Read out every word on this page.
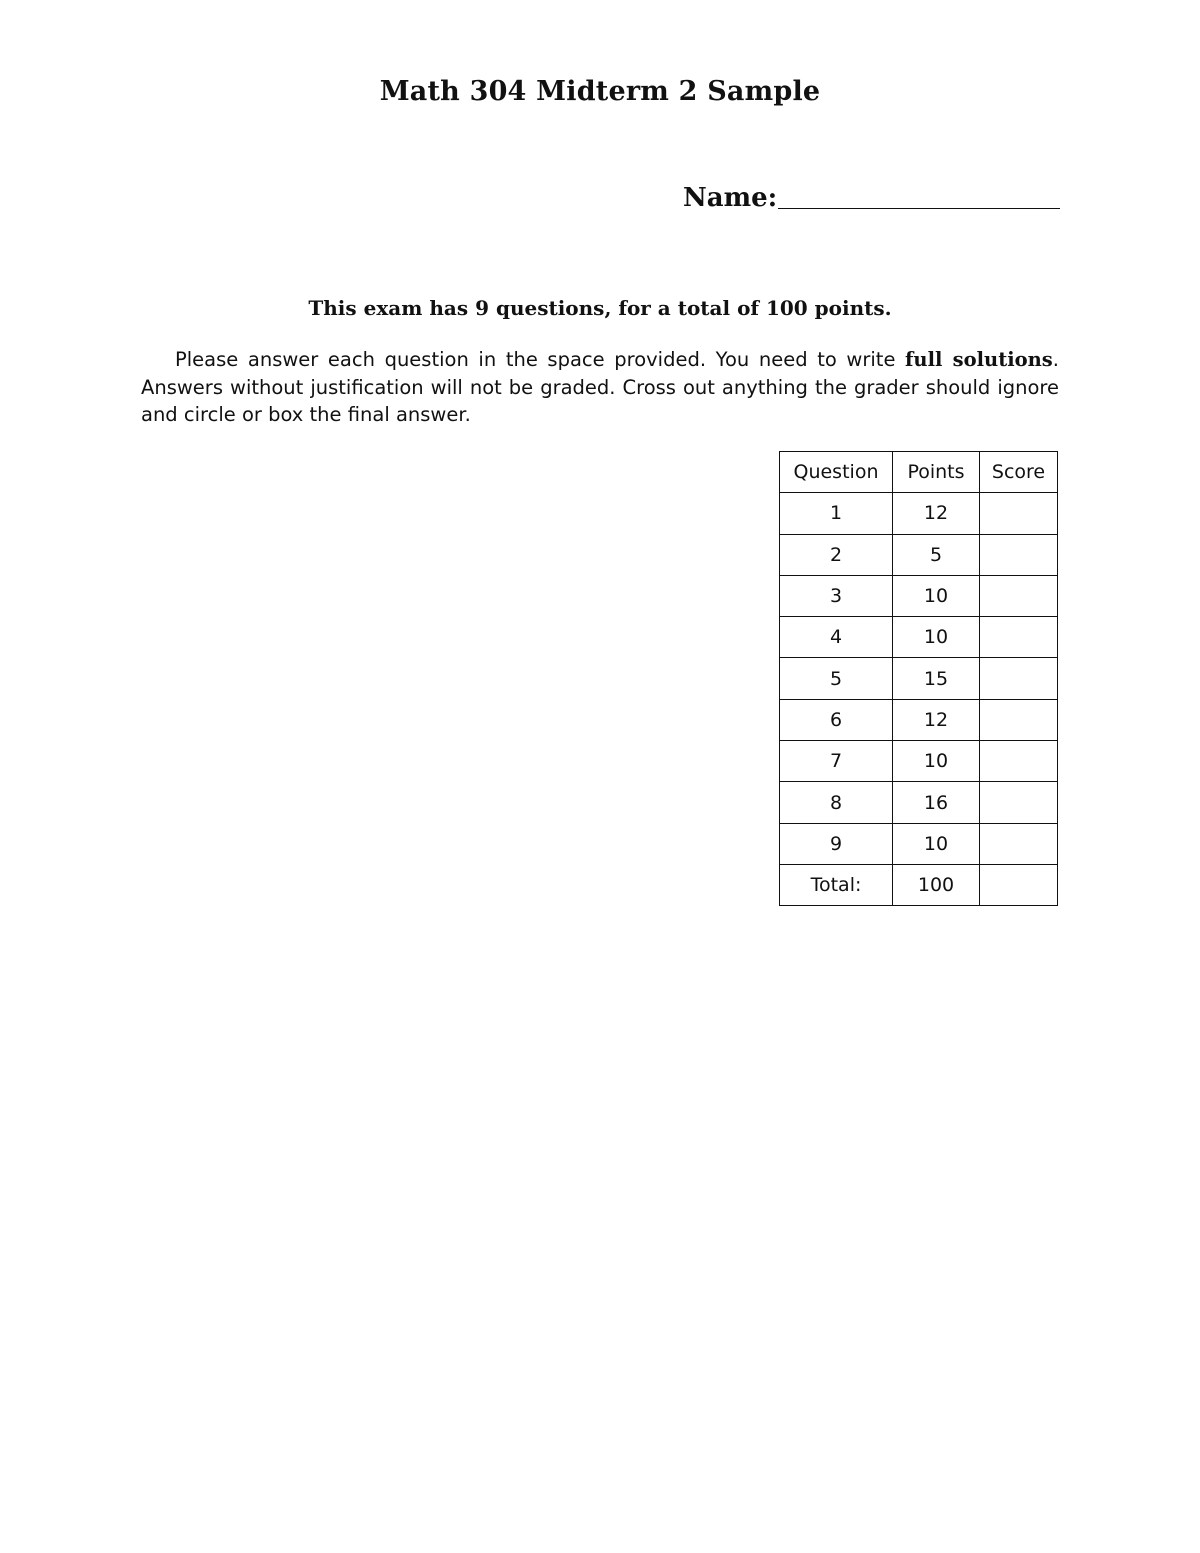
Math 304 Midterm 2 Sample
Name:
This exam has 9 questions, for a total of 100 points.
Please answer each question in the space provided. You need to write full solutions. Answers without justification will not be graded. Cross out anything the grader should ignore and circle or box the final answer.
Question	Points	Score
1	12	
2	5	
3	10	
4	10	
5	15	
6	12	
7	10	
8	16	
9	10	
Total:	100	
